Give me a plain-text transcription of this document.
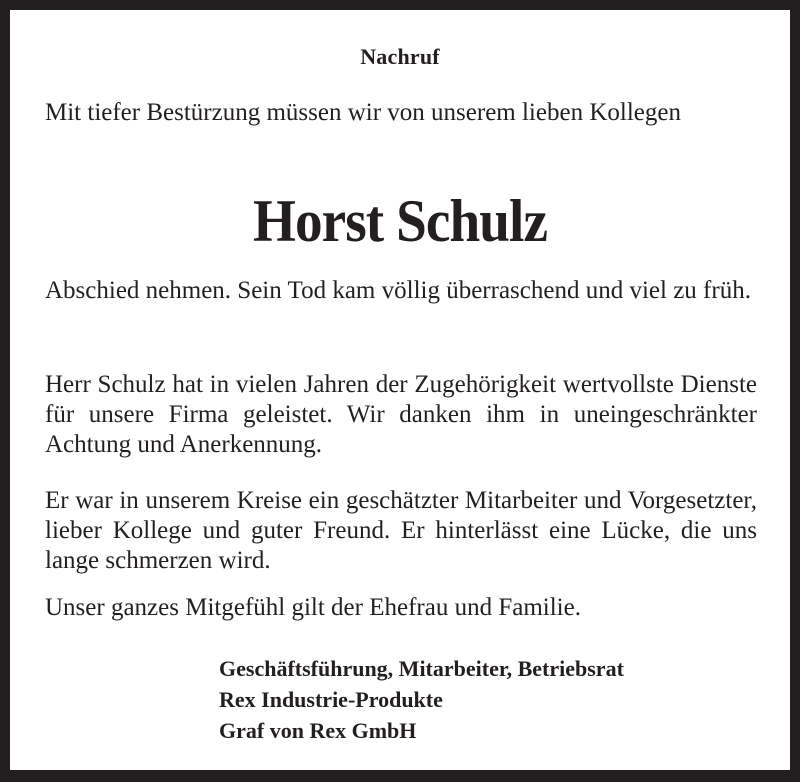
Nachruf
Mit tiefer Bestürzung müssen wir von unserem lieben Kollegen
Horst Schulz
Abschied nehmen. Sein Tod kam völlig überraschend und viel zu früh.
Herr Schulz hat in vielen Jahren der Zugehörigkeit wertvollste Dienste für unsere Firma geleistet. Wir danken ihm in uneingeschränkter Achtung und Anerkennung.
Er war in unserem Kreise ein geschätzter Mitarbeiter und Vorgesetzter, lieber Kollege und guter Freund. Er hinterlässt eine Lücke, die uns lange schmerzen wird.
Unser ganzes Mitgefühl gilt der Ehefrau und Familie.
Geschäftsführung, Mitarbeiter, Betriebsrat
Rex Industrie-Produkte
Graf von Rex GmbH
